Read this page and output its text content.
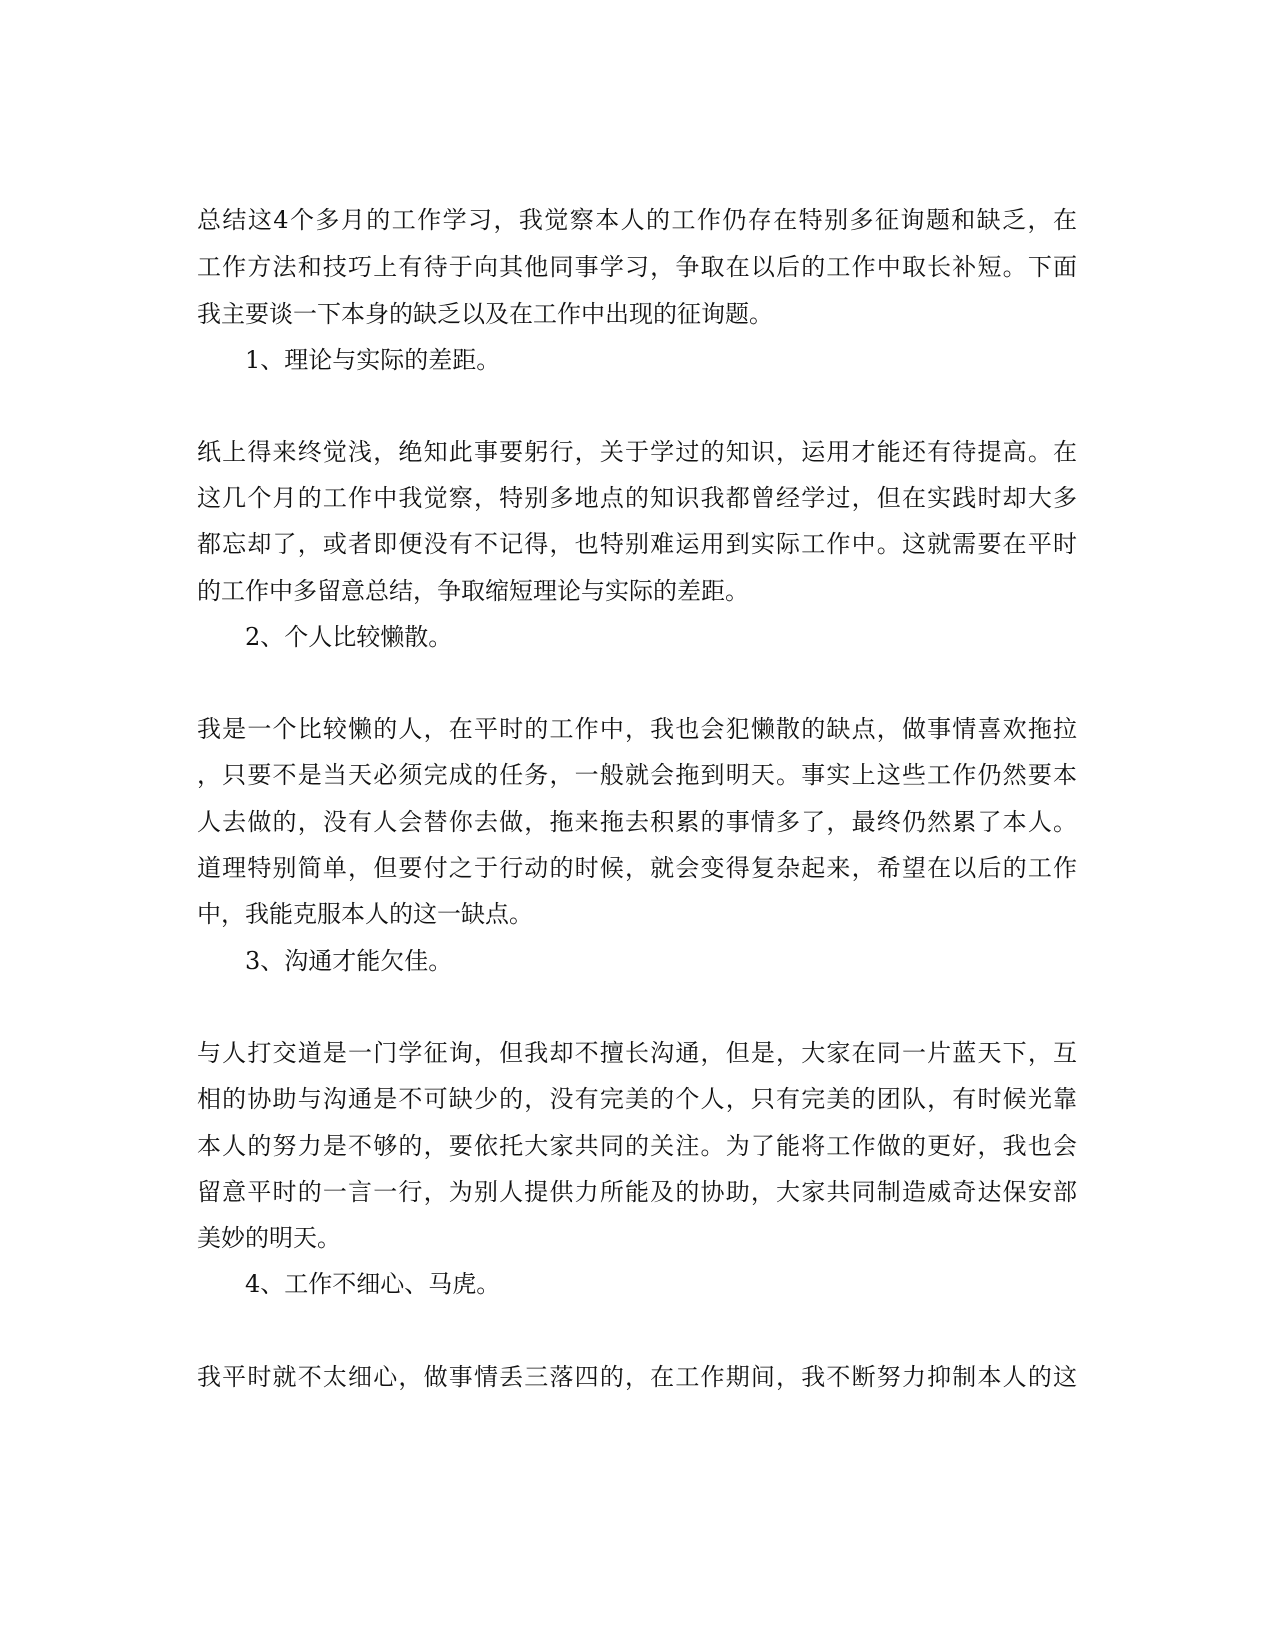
总结这4个多月的工作学习，我觉察本人的工作仍存在特别多征询题和缺乏，在
工作方法和技巧上有待于向其他同事学习，争取在以后的工作中取长补短。下面
我主要谈一下本身的缺乏以及在工作中出现的征询题。
1、理论与实际的差距。
纸上得来终觉浅，绝知此事要躬行，关于学过的知识，运用才能还有待提高。在
这几个月的工作中我觉察，特别多地点的知识我都曾经学过，但在实践时却大多
都忘却了，或者即便没有不记得，也特别难运用到实际工作中。这就需要在平时
的工作中多留意总结，争取缩短理论与实际的差距。
2、个人比较懒散。
我是一个比较懒的人，在平时的工作中，我也会犯懒散的缺点，做事情喜欢拖拉
，只要不是当天必须完成的任务，一般就会拖到明天。事实上这些工作仍然要本
人去做的，没有人会替你去做，拖来拖去积累的事情多了，最终仍然累了本人。
道理特别简单，但要付之于行动的时候，就会变得复杂起来，希望在以后的工作
中，我能克服本人的这一缺点。
3、沟通才能欠佳。
与人打交道是一门学征询，但我却不擅长沟通，但是，大家在同一片蓝天下，互
相的协助与沟通是不可缺少的，没有完美的个人，只有完美的团队，有时候光靠
本人的努力是不够的，要依托大家共同的关注。为了能将工作做的更好，我也会
留意平时的一言一行，为别人提供力所能及的协助，大家共同制造威奇达保安部
美妙的明天。
4、工作不细心、马虎。
我平时就不太细心，做事情丢三落四的，在工作期间，我不断努力抑制本人的这
